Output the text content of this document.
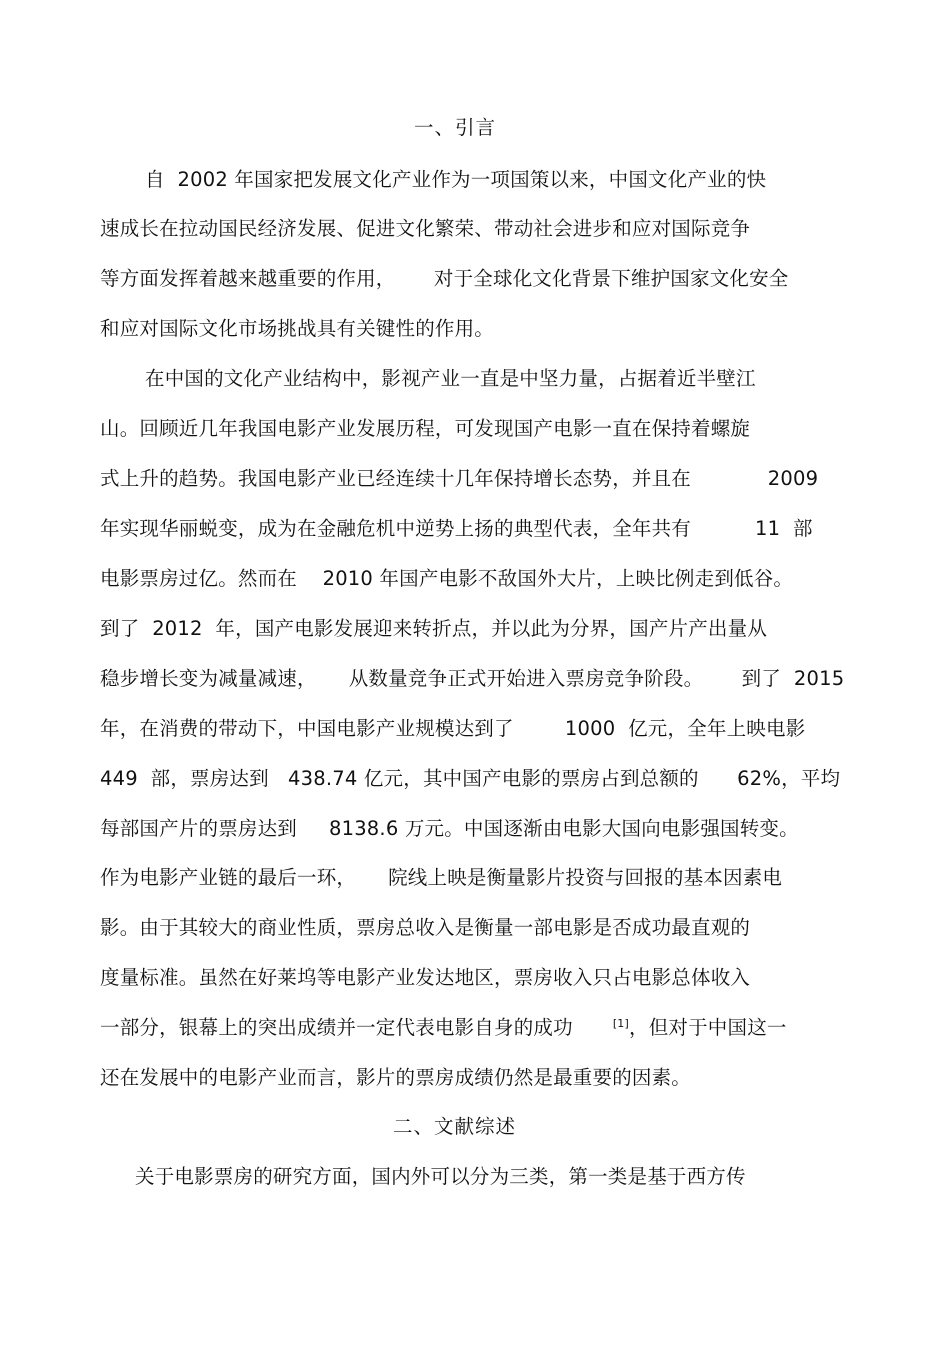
一、引言
自  2002 年国家把发展文化产业作为一项国策以来，中国文化产业的快
速成长在拉动国民经济发展、促进文化繁荣、带动社会进步和应对国际竞争
等方面发挥着越来越重要的作用，      对于全球化文化背景下维护国家文化安全
和应对国际文化市场挑战具有关键性的作用。
在中国的文化产业结构中，影视产业一直是中坚力量，占据着近半壁江
山。回顾近几年我国电影产业发展历程，可发现国产电影一直在保持着螺旋
式上升的趋势。我国电影产业已经连续十几年保持增长态势，并且在            2009
年实现华丽蜕变，成为在金融危机中逆势上扬的典型代表，全年共有          11  部
电影票房过亿。然而在    2010 年国产电影不敌国外大片，上映比例走到低谷。
到了  2012  年，国产电影发展迎来转折点，并以此为分界，国产片产出量从
稳步增长变为减量减速，     从数量竞争正式开始进入票房竞争阶段。      到了  2015
年，在消费的带动下，中国电影产业规模达到了        1000  亿元，全年上映电影
449  部，票房达到   438.74 亿元，其中国产电影的票房占到总额的      62%，平均
每部国产片的票房达到     8138.6 万元。中国逐渐由电影大国向电影强国转变。
作为电影产业链的最后一环，     院线上映是衡量影片投资与回报的基本因素电
影。由于其较大的商业性质，票房总收入是衡量一部电影是否成功最直观的
度量标准。虽然在好莱坞等电影产业发达地区，票房收入只占电影总体收入
一部分，银幕上的突出成绩并一定代表电影自身的成功	[1]，但对于中国这一
还在发展中的电影产业而言，影片的票房成绩仍然是最重要的因素。
二、文献综述
关于电影票房的研究方面，国内外可以分为三类，第一类是基于西方传
